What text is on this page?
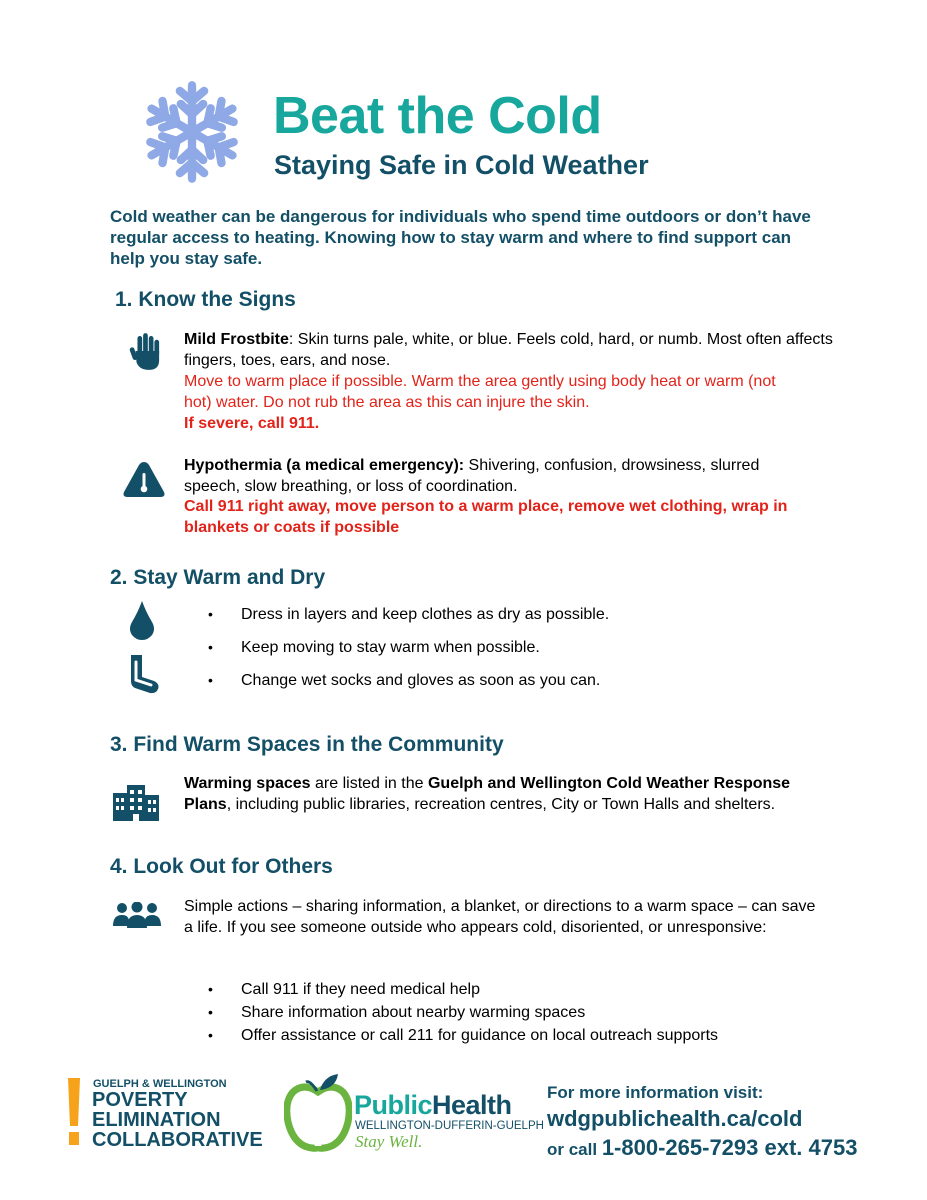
Beat the Cold
Staying Safe in Cold Weather
Cold weather can be dangerous for individuals who spend time outdoors or don’t have regular access to heating. Knowing how to stay warm and where to find support can help you stay safe.
1. Know the Signs
Mild Frostbite: Skin turns pale, white, or blue. Feels cold, hard, or numb. Most often affects fingers, toes, ears, and nose.
Move to warm place if possible. Warm the area gently using body heat or warm (not hot) water. Do not rub the area as this can injure the skin.
If severe, call 911.
Hypothermia (a medical emergency): Shivering, confusion, drowsiness, slurred speech, slow breathing, or loss of coordination.
Call 911 right away, move person to a warm place, remove wet clothing, wrap in blankets or coats if possible
2. Stay Warm and Dry
• Dress in layers and keep clothes as dry as possible.
• Keep moving to stay warm when possible.
• Change wet socks and gloves as soon as you can.
3. Find Warm Spaces in the Community
Warming spaces are listed in the Guelph and Wellington Cold Weather Response Plans, including public libraries, recreation centres, City or Town Halls and shelters.
4. Look Out for Others
Simple actions – sharing information, a blanket, or directions to a warm space – can save a life. If you see someone outside who appears cold, disoriented, or unresponsive:
• Call 911 if they need medical help
• Share information about nearby warming spaces
• Offer assistance or call 211 for guidance on local outreach supports
GUELPH & WELLINGTON
POVERTY
ELIMINATION
COLLABORATIVE
PublicHealth
WELLINGTON-DUFFERIN-GUELPH
Stay Well.
For more information visit:
wdgpublichealth.ca/cold
or call 1-800-265-7293 ext. 4753
